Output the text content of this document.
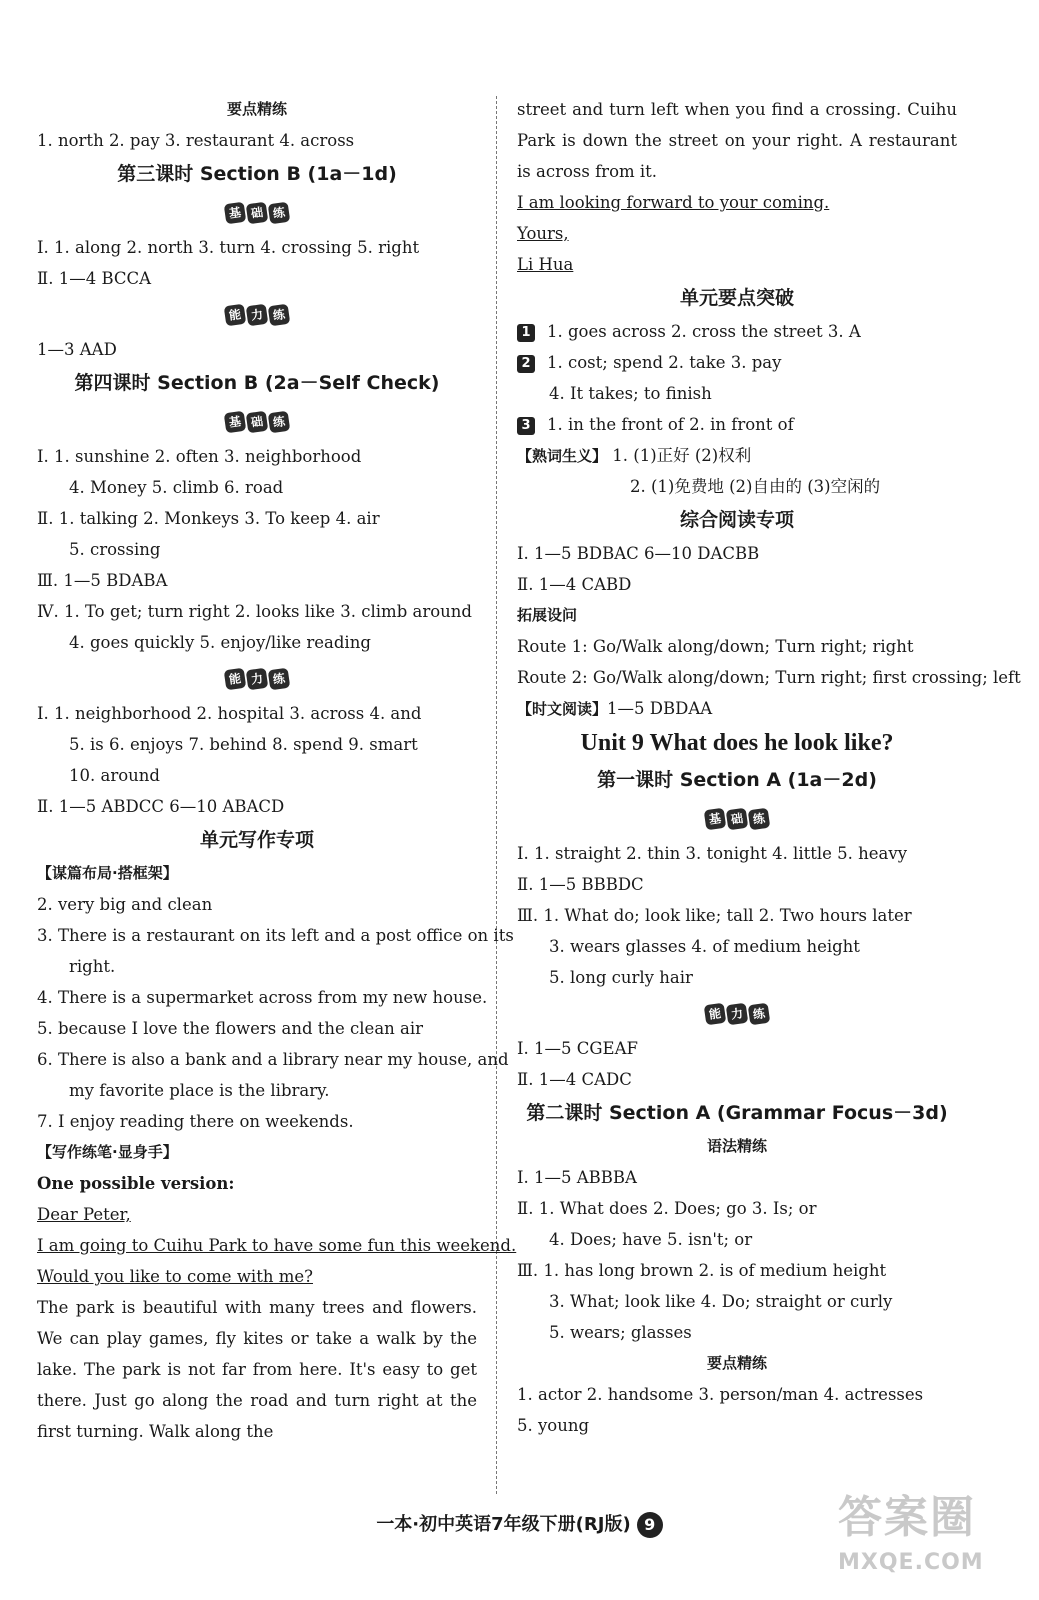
要点精练
1. north 2. pay 3. restaurant 4. across
第三课时 Section B (1a－1d)
基 础 练
Ⅰ. 1. along 2. north 3. turn 4. crossing 5. right
Ⅱ. 1—4 BCCA
能 力 练
1—3 AAD
第四课时 Section B (2a－Self Check)
基 础 练
Ⅰ. 1. sunshine 2. often 3. neighborhood
4. Money 5. climb 6. road
Ⅱ. 1. talking 2. Monkeys 3. To keep 4. air
5. crossing
Ⅲ. 1—5 BDABA
Ⅳ. 1. To get; turn right 2. looks like 3. climb around
4. goes quickly 5. enjoy/like reading
能 力 练
Ⅰ. 1. neighborhood 2. hospital 3. across 4. and
5. is 6. enjoys 7. behind 8. spend 9. smart
10. around
Ⅱ. 1—5 ABDCC 6—10 ABACD
单元写作专项
【谋篇布局·搭框架】
2. very big and clean
3. There is a restaurant on its left and a post office on its
right.
4. There is a supermarket across from my new house.
5. because I love the flowers and the clean air
6. There is also a bank and a library near my house, and
my favorite place is the library.
7. I enjoy reading there on weekends.
【写作练笔·显身手】
One possible version:
Dear Peter,
I am going to Cuihu Park to have some fun this weekend.
Would you like to come with me?
The park is beautiful with many trees and flowers. We can play games, fly kites or take a walk by the lake. The park is not far from here. It's easy to get there. Just go along the road and turn right at the first turning. Walk along the
street and turn left when you find a crossing. Cuihu Park is down the street on your right. A restaurant is across from it.
I am looking forward to your coming.
Yours,
Li Hua
单元要点突破
1 1. goes across 2. cross the street 3. A
2 1. cost; spend 2. take 3. pay
4. It takes; to finish
3 1. in the front of 2. in front of
【熟词生义】 1. (1)正好 (2)权利
2. (1)免费地 (2)自由的 (3)空闲的
综合阅读专项
Ⅰ. 1—5 BDBAC 6—10 DACBB
Ⅱ. 1—4 CABD
拓展设问
Route 1: Go/Walk along/down; Turn right; right
Route 2: Go/Walk along/down; Turn right; first crossing; left
【时文阅读】1—5 DBDAA
Unit 9 What does he look like?
第一课时 Section A (1a－2d)
基 础 练
Ⅰ. 1. straight 2. thin 3. tonight 4. little 5. heavy
Ⅱ. 1—5 BBBDC
Ⅲ. 1. What do; look like; tall 2. Two hours later
3. wears glasses 4. of medium height
5. long curly hair
能 力 练
Ⅰ. 1—5 CGEAF
Ⅱ. 1—4 CADC
第二课时 Section A (Grammar Focus－3d)
语法精练
Ⅰ. 1—5 ABBBA
Ⅱ. 1. What does 2. Does; go 3. Is; or
4. Does; have 5. isn't; or
Ⅲ. 1. has long brown 2. is of medium height
3. What; look like 4. Do; straight or curly
5. wears; glasses
要点精练
1. actor 2. handsome 3. person/man 4. actresses
5. young
一本·初中英语7年级下册(RJ版) 9	答案圈
MXQE.COM
